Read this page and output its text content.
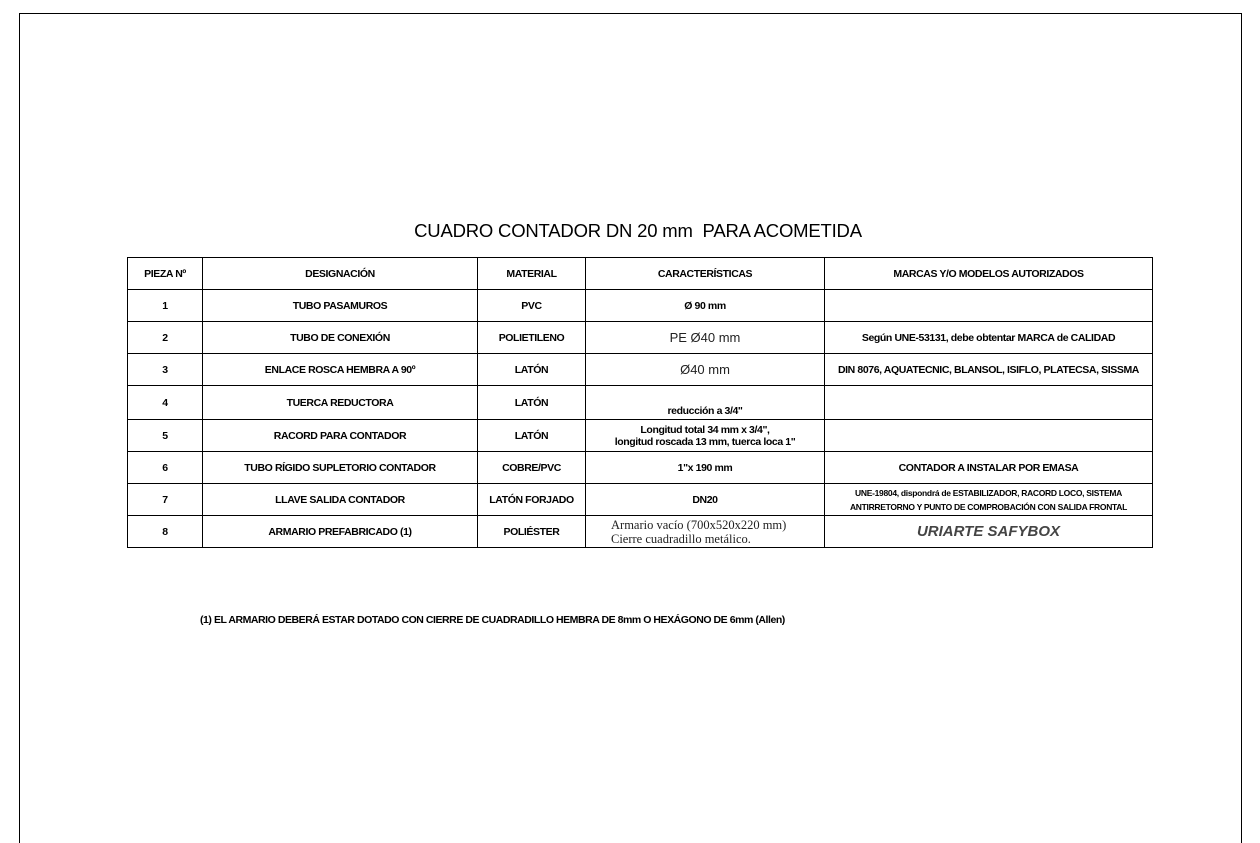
CUADRO CONTADOR DN 20 mm  PARA ACOMETIDA
PIEZA Nº	DESIGNACIÓN	MATERIAL	CARACTERÍSTICAS	MARCAS Y/O MODELOS AUTORIZADOS
1	TUBO PASAMUROS	PVC	Ø 90 mm	
2	TUBO DE CONEXIÓN	POLIETILENO	PE Ø40 mm	Según UNE-53131, debe obtentar MARCA de CALIDAD
3	ENLACE ROSCA HEMBRA A 90º	LATÓN	Ø40 mm	DIN 8076, AQUATECNIC, BLANSOL, ISIFLO, PLATECSA, SISSMA
4	TUERCA REDUCTORA	LATÓN	reducción a 3/4"	
5	RACORD PARA CONTADOR	LATÓN	Longitud total 34 mm x 3/4",
longitud roscada 13 mm, tuerca loca 1"	

6	TUBO RÍGIDO SUPLETORIO CONTADOR	COBRE/PVC	1"x 190 mm	CONTADOR A INSTALAR POR EMASA
7	LLAVE SALIDA CONTADOR	LATÓN FORJADO	DN20	UNE-19804, dispondrá de ESTABILIZADOR, RACORD LOCO, SISTEMA
ANTIRRETORNO Y PUNTO DE COMPROBACIÓN CON SALIDA FRONTAL

8	ARMARIO PREFABRICADO (1)	POLIÉSTER	Armario vacío (700x520x220 mm)
Cierre cuadradillo metálico.	URIARTE SAFYBOX
(1) EL ARMARIO DEBERÁ ESTAR DOTADO CON CIERRE DE CUADRADILLO HEMBRA DE 8mm O HEXÁGONO DE 6mm (Allen)
